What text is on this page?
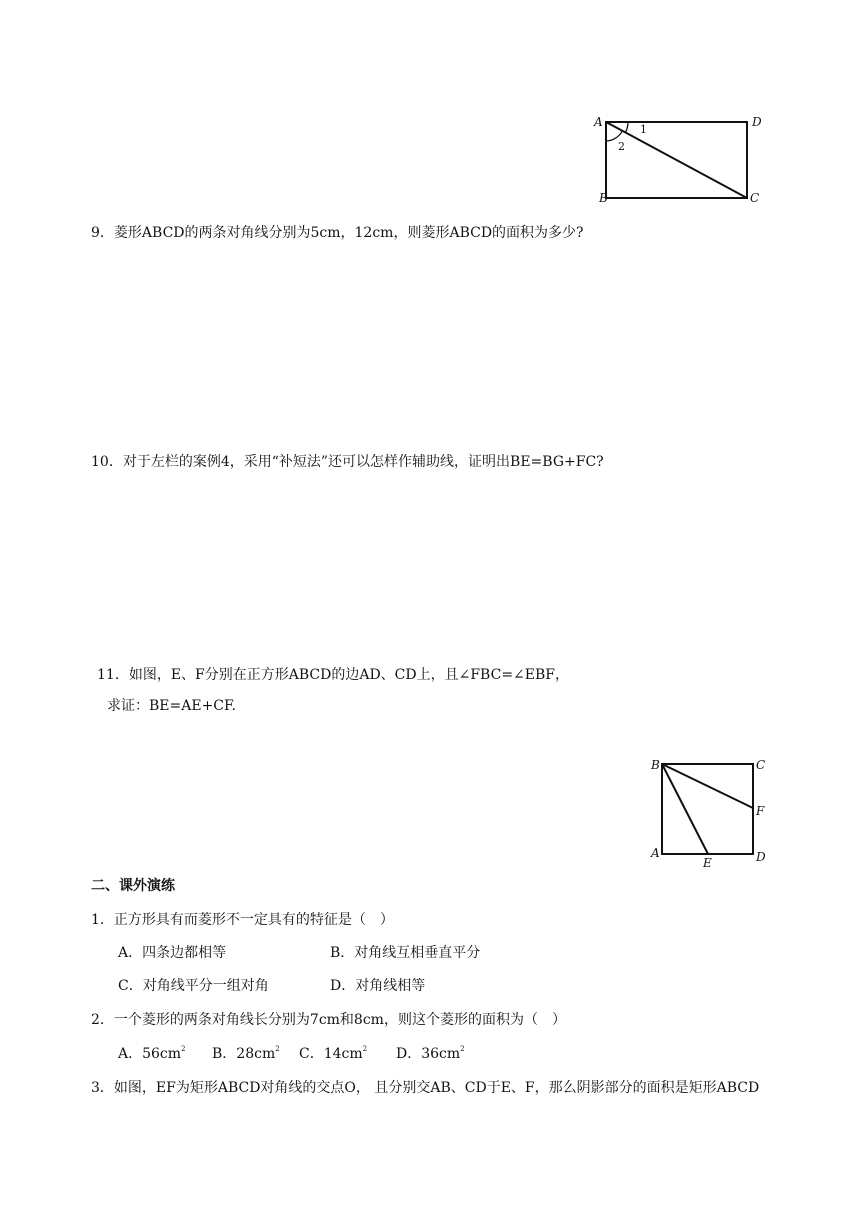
A	D
B	C
1
2
9．菱形ABCD的两条对角线分别为5cm，12cm，则菱形ABCD的面积为多少?
10．对于左栏的案例4，采用“补短法”还可以怎样作辅助线，证明出BE=BG+FC?
11．如图，E、F分别在正方形ABCD的边AD、CD上，且∠FBC=∠EBF，
求证：BE=AE+CF.
B	C
F
A	D
E
二、课外演练
1．正方形具有而菱形不一定具有的特征是（　）
A．四条边都相等	B．对角线互相垂直平分
C．对角线平分一组对角	D．对角线相等
2．一个菱形的两条对角线长分别为7cm和8cm，则这个菱形的面积为（　）
A．$56cm^2$ B．$28cm^2$ C．$14cm^2$ D．$36cm^2$
3．如图，EF为矩形ABCD对角线的交点O， 且分别交AB、CD于E、F，那么阴影部分的面积是矩形ABCD
